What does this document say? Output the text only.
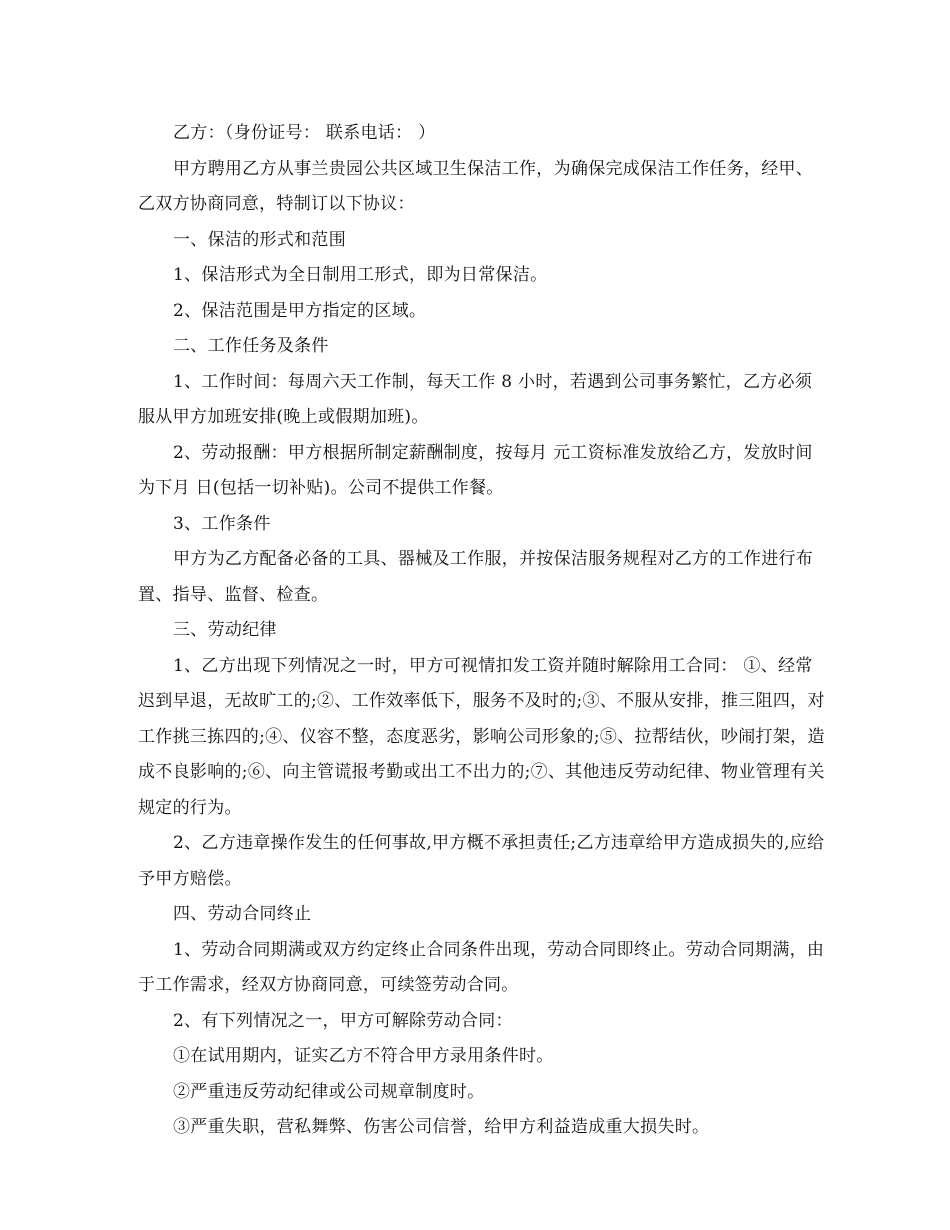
乙方：（身份证号： 联系电话： ）

甲方聘用乙方从事兰贵园公共区域卫生保洁工作，为确保完成保洁工作任务，经甲、乙双方协商同意，特制订以下协议：

一、保洁的形式和范围

1、保洁形式为全日制用工形式，即为日常保洁。

2、保洁范围是甲方指定的区域。

二、工作任务及条件

1、工作时间：每周六天工作制，每天工作 8 小时，若遇到公司事务繁忙，乙方必须服从甲方加班安排(晚上或假期加班)。

2、劳动报酬：甲方根据所制定薪酬制度，按每月 元工资标准发放给乙方，发放时间为下月 日(包括一切补贴)。公司不提供工作餐。

3、工作条件

甲方为乙方配备必备的工具、器械及工作服，并按保洁服务规程对乙方的工作进行布置、指导、监督、检查。

三、劳动纪律

1、乙方出现下列情况之一时，甲方可视情扣发工资并随时解除用工合同： ①、经常迟到早退，无故旷工的;②、工作效率低下，服务不及时的;③、不服从安排，推三阻四，对工作挑三拣四的;④、仪容不整，态度恶劣，影响公司形象的;⑤、拉帮结伙，吵闹打架，造成不良影响的;⑥、向主管谎报考勤或出工不出力的;⑦、其他违反劳动纪律、物业管理有关规定的行为。

2、乙方违章操作发生的任何事故,甲方概不承担责任;乙方违章给甲方造成损失的,应给予甲方赔偿。

四、劳动合同终止

1、劳动合同期满或双方约定终止合同条件出现，劳动合同即终止。劳动合同期满，由于工作需求，经双方协商同意，可续签劳动合同。

2、有下列情况之一，甲方可解除劳动合同：

①在试用期内，证实乙方不符合甲方录用条件时。

②严重违反劳动纪律或公司规章制度时。

③严重失职，营私舞弊、伤害公司信誉，给甲方利益造成重大损失时。
